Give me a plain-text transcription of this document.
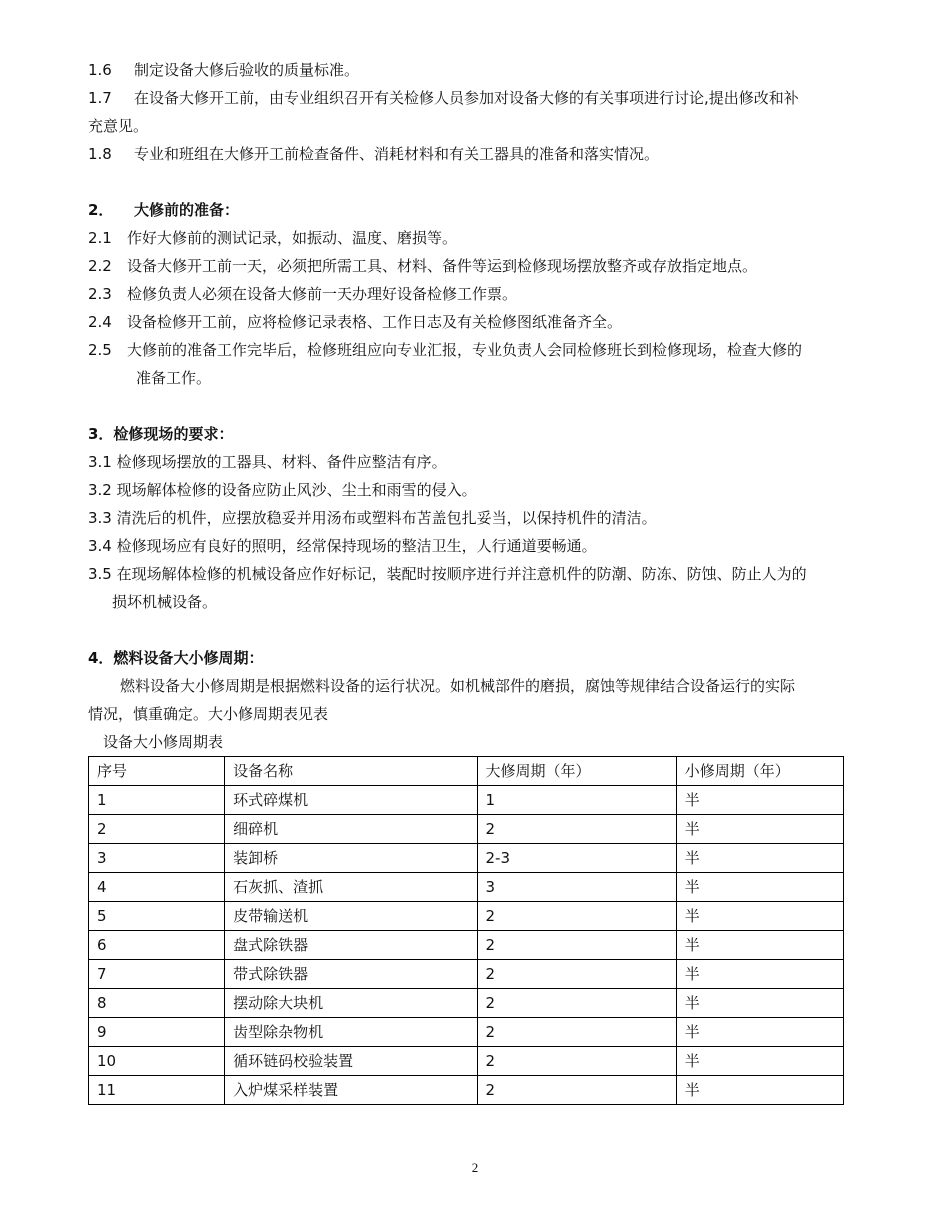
1.6 制定设备大修后验收的质量标准。
1.7 在设备大修开工前，由专业组织召开有关检修人员参加对设备大修的有关事项进行讨论,提出修改和补
充意见。
1.8 专业和班组在大修开工前检查备件、消耗材料和有关工器具的准备和落实情况。
2． 大修前的准备：
2.1 作好大修前的测试记录，如振动、温度、磨损等。
2.2 设备大修开工前一天，必须把所需工具、材料、备件等运到检修现场摆放整齐或存放指定地点。
2.3 检修负责人必须在设备大修前一天办理好设备检修工作票。
2.4 设备检修开工前，应将检修记录表格、工作日志及有关检修图纸准备齐全。
2.5 大修前的准备工作完毕后，检修班组应向专业汇报，专业负责人会同检修班长到检修现场，检查大修的
准备工作。
3．检修现场的要求：
3.1 检修现场摆放的工器具、材料、备件应整洁有序。
3.2 现场解体检修的设备应防止风沙、尘土和雨雪的侵入。
3.3 清洗后的机件，应摆放稳妥并用汤布或塑料布苫盖包扎妥当，以保持机件的清洁。
3.4 检修现场应有良好的照明，经常保持现场的整洁卫生，人行通道要畅通。
3.5 在现场解体检修的机械设备应作好标记，装配时按顺序进行并注意机件的防潮、防冻、防蚀、防止人为的
损坏机械设备。
4．燃料设备大小修周期：
燃料设备大小修周期是根据燃料设备的运行状况。如机械部件的磨损，腐蚀等规律结合设备运行的实际
情况，慎重确定。大小修周期表见表
设备大小修周期表
序号	设备名称	大修周期（年）	小修周期（年）
1	环式碎煤机	1	半
2	细碎机	2	半
3	装卸桥	2-3	半
4	石灰抓、渣抓	3	半
5	皮带输送机	2	半
6	盘式除铁器	2	半
7	带式除铁器	2	半
8	摆动除大块机	2	半
9	齿型除杂物机	2	半
10	循环链码校验装置	2	半
11	入炉煤采样装置	2	半
2
